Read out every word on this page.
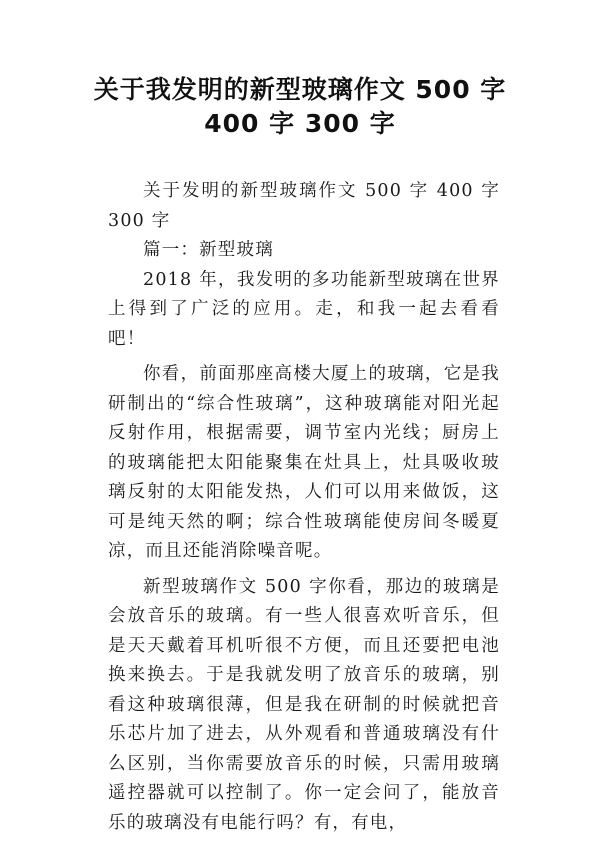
关于我发明的新型玻璃作文 500 字
400 字 300 字

关于发明的新型玻璃作文 500 字 400 字 300 字

篇一：新型玻璃

2018 年，我发明的多功能新型玻璃在世界上得到了广泛的应用。走，和我一起去看看吧！

你看，前面那座高楼大厦上的玻璃，它是我研制出的“综合性玻璃”，这种玻璃能对阳光起反射作用，根据需要，调节室内光线；厨房上的玻璃能把太阳能聚集在灶具上，灶具吸收玻璃反射的太阳能发热，人们可以用来做饭，这可是纯天然的啊；综合性玻璃能使房间冬暖夏凉，而且还能消除噪音呢。

新型玻璃作文 500 字你看，那边的玻璃是会放音乐的玻璃。有一些人很喜欢听音乐，但是天天戴着耳机听很不方便，而且还要把电池换来换去。于是我就发明了放音乐的玻璃，别看这种玻璃很薄，但是我在研制的时候就把音乐芯片加了进去，从外观看和普通玻璃没有什么区别，当你需要放音乐的时候，只需用玻璃遥控器就可以控制了。你一定会问了，能放音乐的玻璃没有电能行吗？有，有电，
